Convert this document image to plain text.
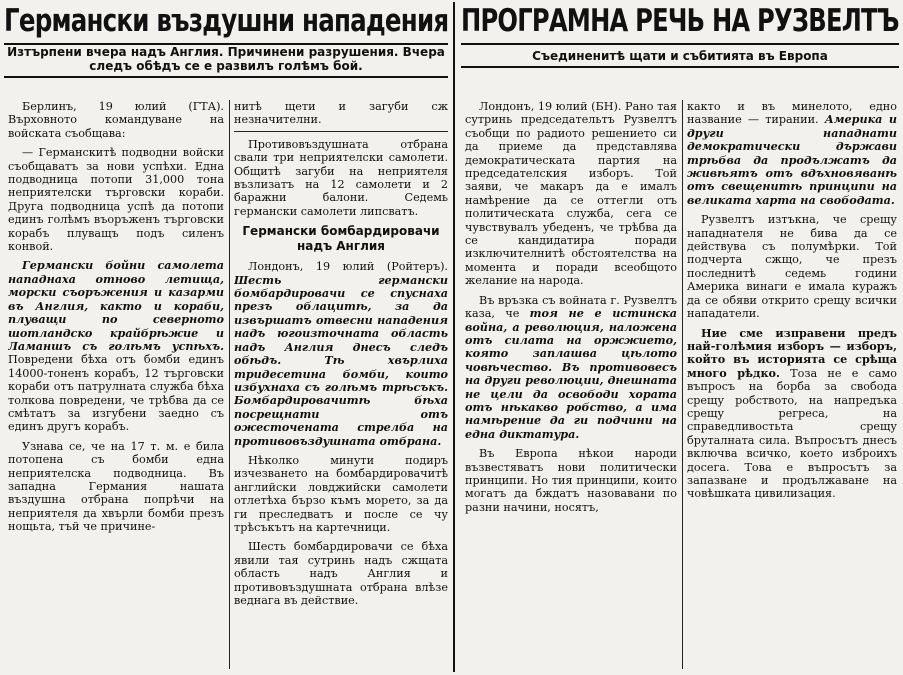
Германски въздушни нападения
Изтърпени вчера надъ Англия. Причинени разрушения. Вчера следъ обѣдъ се е развилъ голѣмъ бой.

Берлинъ, 19 юлий (ГТА). Върховното командуване на войската съобщава:

— Германскитѣ подводни войски съобщаватъ за нови успѣхи. Една подводница потопи 31,000 тона неприятелски търговски кораби. Друга подводница успѣ да потопи единъ голѣмъ въоръженъ търговски корабъ плуващъ подъ силенъ конвой.

Германски бойни самолета нападнаха отново летища, морски съоръжения и казарми въ Англия, както и кораби, плуващи по северното шотландско крайбрѣжие и Ламаншъ съ голѣмъ успѣхъ. Повредени бѣха отъ бомби единъ 14000-тоненъ корабъ, 12 търговски кораби отъ патрулната служба бѣха толкова повредени, че трѣбва да се смѣтатъ за изгубени заедно съ единъ другъ корабъ.

Узнава се, че на 17 т. м. е била потопена съ бомби една неприятелска подводница. Въ западна Германия нашата въздушна отбрана попрѣчи на неприятеля да хвърли бомби презъ нощьта, тъй че причине-

нитѣ щети и загуби сж незначителни.

Противовъздушната отбрана свали три неприятелски самолети. Общитѣ загуби на неприятеля възлизатъ на 12 самолети и 2 баражни балони. Седемь германски самолети липсватъ.

Германски бомбардировачи надъ Англия

Лондонъ, 19 юлий (Ройтеръ). Шесть германски бомбардировачи се спуснаха презъ облацитѣ, за да извършатъ отвесни нападения надъ югоизточната область надъ Англия днесъ следъ обѣдъ. Тѣ хвърлиха тридесетина бомби, които избухнаха съ голѣмъ трѣсъкъ. Бомбардировачитѣ бѣха посрещнати отъ ожесточената стрелба на противовъздушната отбрана.

Нѣколко минути подиръ изчезването на бомбардировачитѣ английски ловджийски самолети отлетѣха бързо къмъ морето, за да ги преследватъ и после се чу трѣсъкътъ на картечници.

Шесть бомбардировачи се бѣха явили тая сутринь надъ сжщата область надъ Англия и противовъздушната отбрана влѣзе веднага въ действие.

ПРОГРАМНА РЕЧЬ НА РУЗВЕЛТЪ
Съединенитѣ щати и събитията въ Европа

Лондонъ, 19 юлий (БН). Рано тая сутринь председательтъ Рузвелтъ съобщи по радиото решението си да приеме да представлява демократическата партия на председателския изборъ. Той заяви, че макаръ да е ималъ намѣрение да се оттегли отъ политическата служба, сега се чувствувалъ убеденъ, че трѣбва да се кандидатира поради изключителнитѣ обстоятелства на момента и поради всеобщото желание на народа.

Въ връзка съ войната г. Рузвелтъ каза, че тоя не е истинска война, а революция, наложена отъ силата на оржжието, която заплашва цѣлото човѣчество. Въ противовесъ на други революции, днешната не цели да освободи хората отъ нѣкакво робство, а има намѣрение да ги подчини на една диктатура.

Въ Европа нѣкои народи възвестяватъ нови политически принципи. Но тия принципи, които могатъ да бждатъ назовавани по разни начини, носятъ,

както и въ минелото, едно название — тирании. Америка и други нападнати демократически държави трѣбва да продължатъ да живѣятъ отъ вдъхновяванѣ отъ свещенитѣ принципи на великата харта на свободата.

Рузвелтъ изтъкна, че срещу нападнателя не бива да се действува съ полумѣрки. Той подчерта сжщо, че презъ последнитѣ седемь години Америка винаги е имала куражъ да се обяви открито срещу всички нападатели.

Ние сме изправени предъ най-голѣмия изборъ — изборъ, който въ историята се срѣща много рѣдко. Тоза не е само въпросъ на борба за свобода срещу робството, на напредъка срещу регреса, на справедливостьта срещу бруталната сила. Въпросътъ днесъ включва всичко, което изброихъ досега. Това е въпросътъ за запазване и продължаване на човѣшката цивилизация.
